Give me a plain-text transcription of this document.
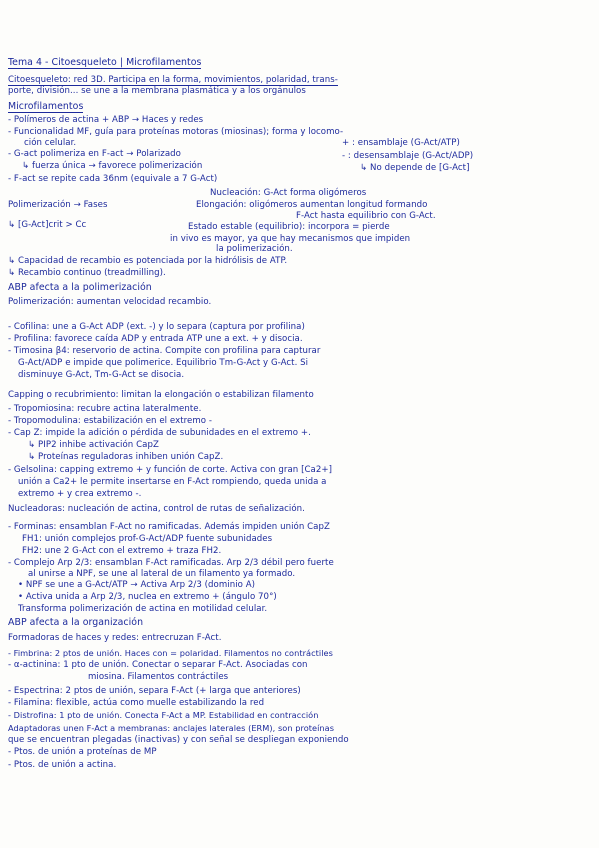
Tema 4 - Citoesqueleto | Microfilamentos
Citoesqueleto: red 3D. Participa en la forma, movimientos, polaridad, trans-
porte, división... se une a la membrana plasmática y a los orgánulos
Microfilamentos
- Polímeros de actina + ABP → Haces y redes
- Funcionalidad MF, guía para proteínas motoras (miosinas); forma y locomo-
ción celular.	+ : ensamblaje (G-Act/ATP)
- G-act polimeriza en F-act → Polarizado	- : desensamblaje (G-Act/ADP)
↳ fuerza única → favorece polimerización	↳ No depende de [G-Act]
- F-act se repite cada 36nm (equivale a 7 G-Act)
Nucleación: G-Act forma oligómeros
Polimerización → Fases	Elongación: oligómeros aumentan longitud formando
F-Act hasta equilibrio con G-Act.
↳ [G-Act]crit > Cc	Estado estable (equilibrio): incorpora = pierde
in vivo es mayor, ya que hay mecanismos que impiden
la polimerización.
↳ Capacidad de recambio es potenciada por la hidrólisis de ATP.
↳ Recambio continuo (treadmilling).
ABP afecta a la polimerización
Polimerización: aumentan velocidad recambio.
- Cofilina: une a G-Act ADP (ext. -) y lo separa (captura por profilina)
- Profilina: favorece caída ADP y entrada ATP une a ext. + y disocia.
- Timosina β4: reservorio de actina. Compite con profilina para capturar
G-Act/ADP e impide que polimerice. Equilibrio Tm-G-Act y G-Act. Si
disminuye G-Act, Tm-G-Act se disocia.
Capping o recubrimiento: limitan la elongación o estabilizan filamento
- Tropomiosina: recubre actina lateralmente.
- Tropomodulina: estabilización en el extremo -
- Cap Z: impide la adición o pérdida de subunidades en el extremo +.
↳ PIP2 inhibe activación CapZ
↳ Proteínas reguladoras inhiben unión CapZ.
- Gelsolina: capping extremo + y función de corte. Activa con gran [Ca2+]
unión a Ca2+ le permite insertarse en F-Act rompiendo, queda unida a
extremo + y crea extremo -.
Nucleadoras: nucleación de actina, control de rutas de señalización.
- Forminas: ensamblan F-Act no ramificadas. Además impiden unión CapZ
FH1: unión complejos prof-G-Act/ADP fuente subunidades
FH2: une 2 G-Act con el extremo + traza FH2.
- Complejo Arp 2/3: ensamblan F-Act ramificadas. Arp 2/3 débil pero fuerte
al unirse a NPF, se une al lateral de un filamento ya formado.
• NPF se une a G-Act/ATP → Activa Arp 2/3 (dominio A)
• Activa unida a Arp 2/3, nuclea en extremo + (ángulo 70°)
Transforma polimerización de actina en motilidad celular.
ABP afecta a la organización
Formadoras de haces y redes: entrecruzan F-Act.
- Fimbrina: 2 ptos de unión. Haces con = polaridad. Filamentos no contráctiles
- α-actinina: 1 pto de unión. Conectar o separar F-Act. Asociadas con
miosina. Filamentos contráctiles
- Espectrina: 2 ptos de unión, separa F-Act (+ larga que anteriores)
- Filamina: flexible, actúa como muelle estabilizando la red
- Distrofina: 1 pto de unión. Conecta F-Act a MP. Estabilidad en contracción
Adaptadoras unen F-Act a membranas: anclajes laterales (ERM), son proteínas
que se encuentran plegadas (inactivas) y con señal se despliegan exponiendo
- Ptos. de unión a proteínas de MP
- Ptos. de unión a actina.
